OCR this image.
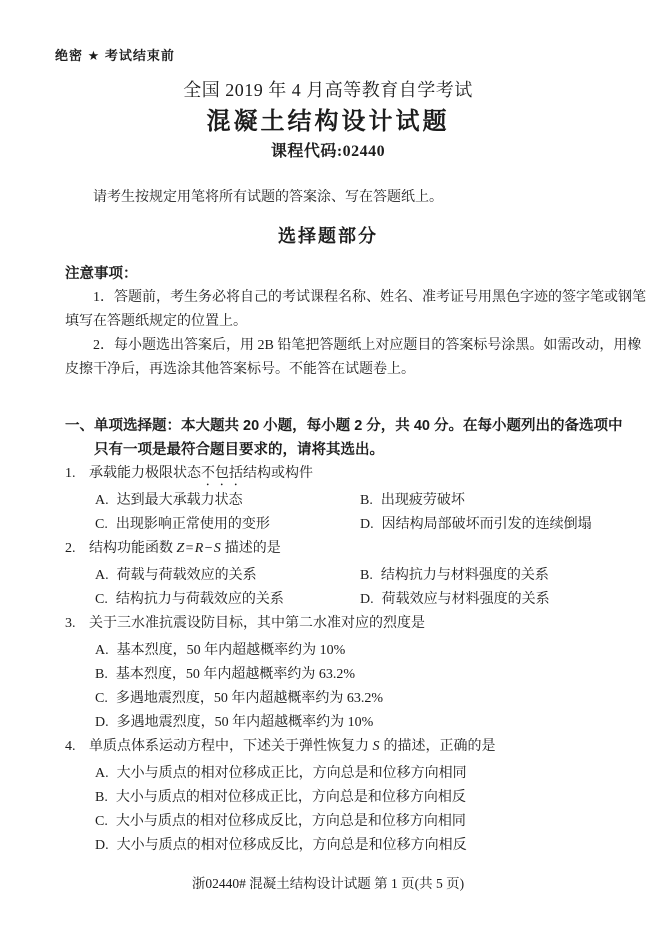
绝密 ★ 考试结束前
全国 2019 年 4 月高等教育自学考试
混凝土结构设计试题
课程代码:02440
请考生按规定用笔将所有试题的答案涂、写在答题纸上。
选择题部分
注意事项：
1．答题前，考生务必将自己的考试课程名称、姓名、准考证号用黑色字迹的签字笔或钢笔
填写在答题纸规定的位置上。
2．每小题选出答案后，用 2B 铅笔把答题纸上对应题目的答案标号涂黑。如需改动，用橡
皮擦干净后，再选涂其他答案标号。不能答在试题卷上。
一、单项选择题：本大题共 20 小题，每小题 2 分，共 40 分。在每小题列出的备选项中
只有一项是最符合题目要求的，请将其选出。
1. 承载能力极限状态不包括结构或构件
A. 达到最大承载力状态	B. 出现疲劳破坏
C. 出现影响正常使用的变形	D. 因结构局部破坏而引发的连续倒塌
2. 结构功能函数 Z=R−S 描述的是
A. 荷载与荷载效应的关系	B. 结构抗力与材料强度的关系
C. 结构抗力与荷载效应的关系	D. 荷载效应与材料强度的关系
3. 关于三水准抗震设防目标，其中第二水准对应的烈度是
A. 基本烈度，50 年内超越概率约为 10%
B. 基本烈度，50 年内超越概率约为 63.2%
C. 多遇地震烈度，50 年内超越概率约为 63.2%
D. 多遇地震烈度，50 年内超越概率约为 10%
4. 单质点体系运动方程中，下述关于弹性恢复力 S 的描述，正确的是
A. 大小与质点的相对位移成正比，方向总是和位移方向相同
B. 大小与质点的相对位移成正比，方向总是和位移方向相反
C. 大小与质点的相对位移成反比，方向总是和位移方向相同
D. 大小与质点的相对位移成反比，方向总是和位移方向相反
浙02440# 混凝土结构设计试题 第 1 页(共 5 页)
